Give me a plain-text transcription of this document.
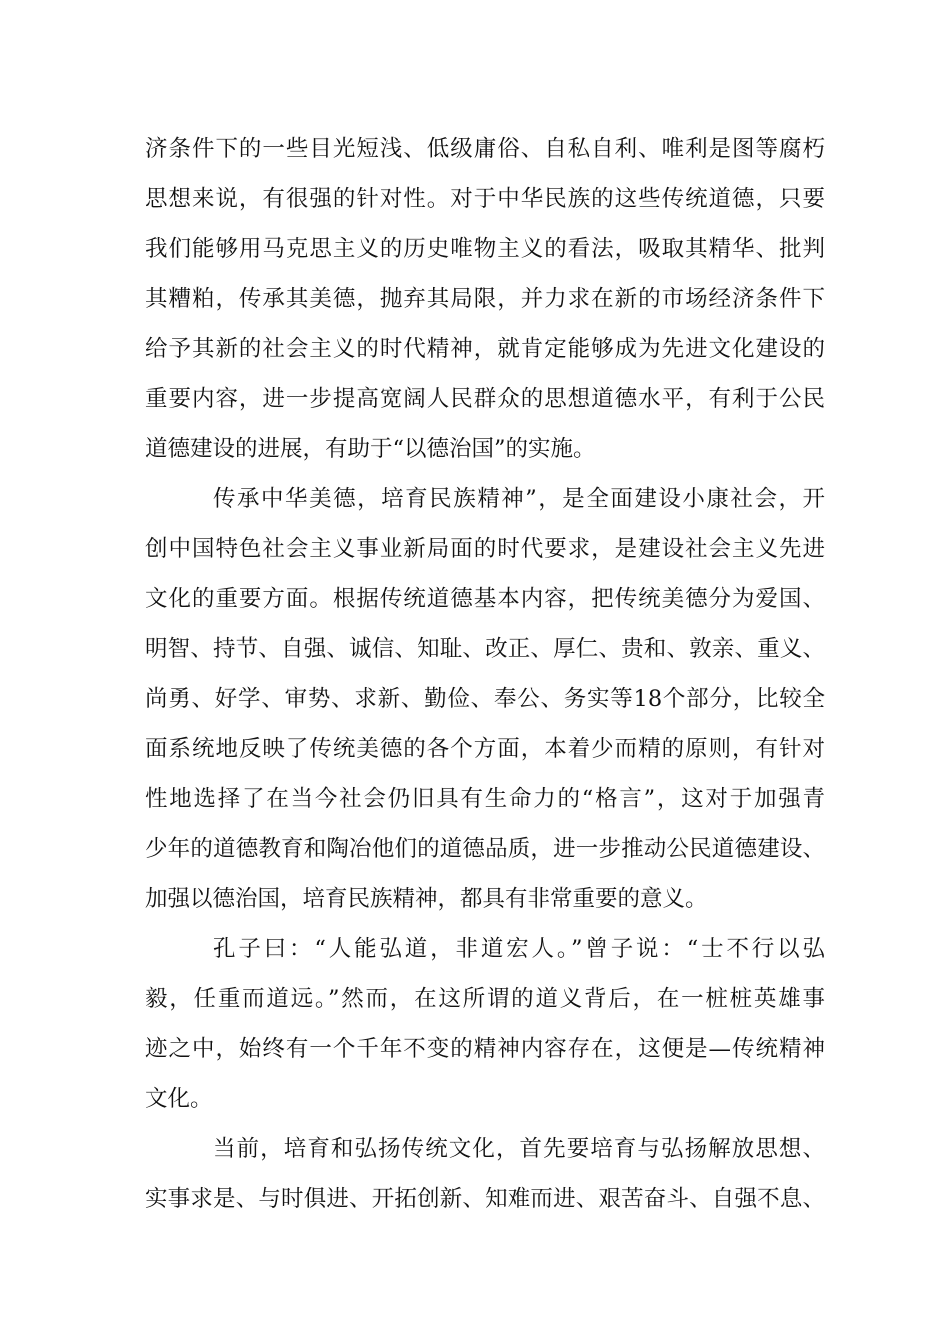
济条件下的一些目光短浅、低级庸俗、自私自利、唯利是图等腐朽
思想来说，有很强的针对性。对于中华民族的这些传统道德，只要
我们能够用马克思主义的历史唯物主义的看法，吸取其精华、批判
其糟粕，传承其美德，抛弃其局限，并力求在新的市场经济条件下
给予其新的社会主义的时代精神，就肯定能够成为先进文化建设的
重要内容，进一步提高宽阔人民群众的思想道德水平，有利于公民
道德建设的进展，有助于“以德治国”的实施。
传承中华美德，培育民族精神”，是全面建设小康社会，开
创中国特色社会主义事业新局面的时代要求，是建设社会主义先进
文化的重要方面。根据传统道德基本内容，把传统美德分为爱国、
明智、持节、自强、诚信、知耻、改正、厚仁、贵和、敦亲、重义、
尚勇、好学、审势、求新、勤俭、奉公、务实等18个部分，比较全
面系统地反映了传统美德的各个方面，本着少而精的原则，有针对
性地选择了在当今社会仍旧具有生命力的“格言”，这对于加强青
少年的道德教育和陶冶他们的道德品质，进一步推动公民道德建设、
加强以德治国，培育民族精神，都具有非常重要的意义。
孔子曰：“人能弘道，非道宏人。”曾子说：“士不行以弘
毅，任重而道远。”然而，在这所谓的道义背后，在一桩桩英雄事
迹之中，始终有一个千年不变的精神内容存在，这便是—传统精神
文化。
当前，培育和弘扬传统文化，首先要培育与弘扬解放思想、
实事求是、与时俱进、开拓创新、知难而进、艰苦奋斗、自强不息、
